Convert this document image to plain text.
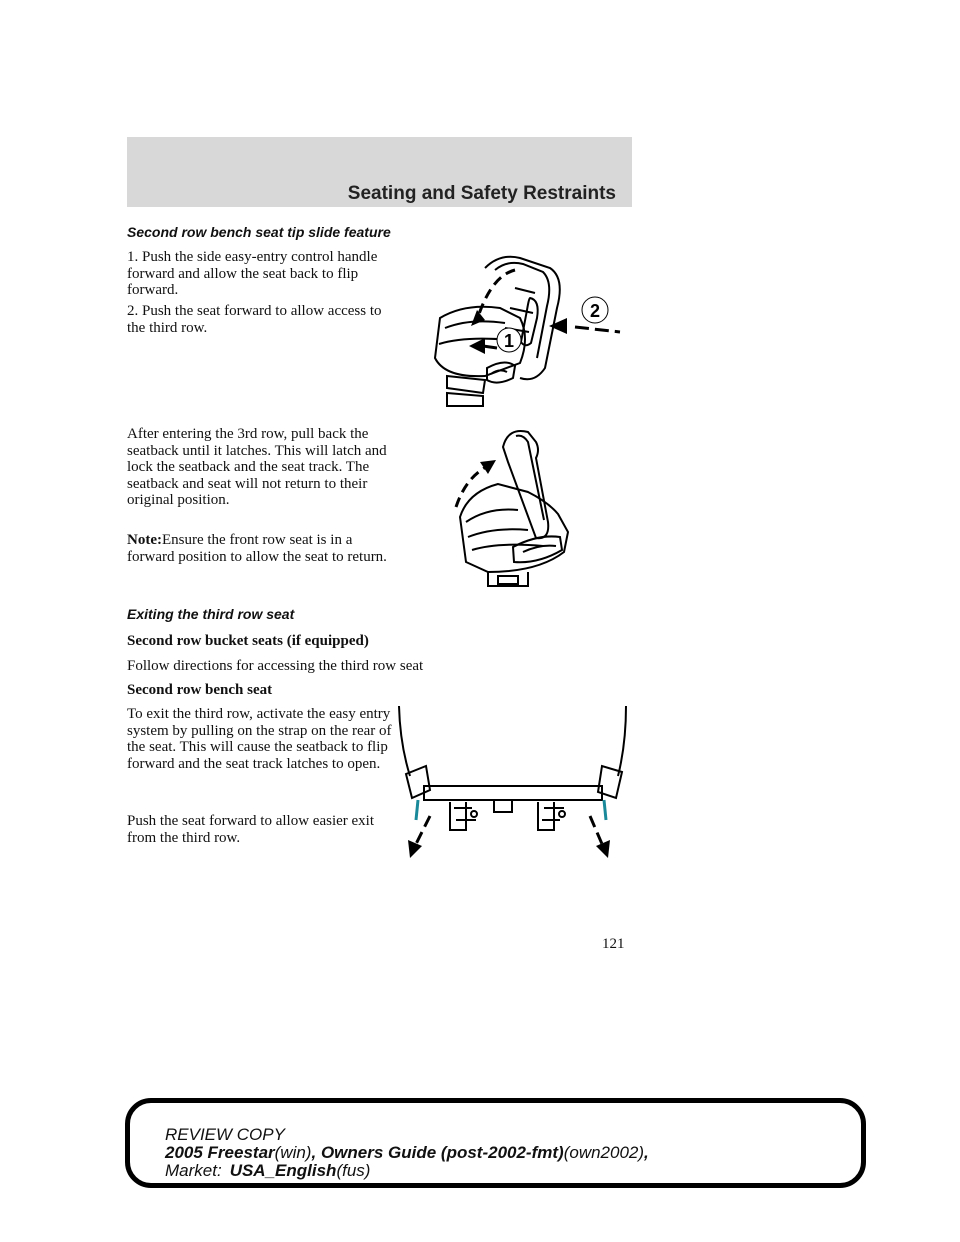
Seating and Safety Restraints
Second row bench seat tip slide feature

1. Push the side easy-entry control handle forward and allow the seat back to flip forward.

2. Push the seat forward to allow access to the third row.

1
2

After entering the 3rd row, pull back the seatback until it latches. This will latch and lock the seatback and the seat track. The seatback and seat will not return to their original position.

Note:Ensure the front row seat is in a forward position to allow the seat to return.

Exiting the third row seat

Second row bucket seats (if equipped)

Follow directions for accessing the third row seat

Second row bench seat

To exit the third row, activate the easy entry system by pulling on the strap on the rear of the seat. This will cause the seatback to flip forward and the seat track latches to open.

Push the seat forward to allow easier exit from the third row.

121

REVIEW COPY

2005 Freestar(win), Owners Guide (post-2002-fmt)(own2002),

Market: USA_English(fus)
